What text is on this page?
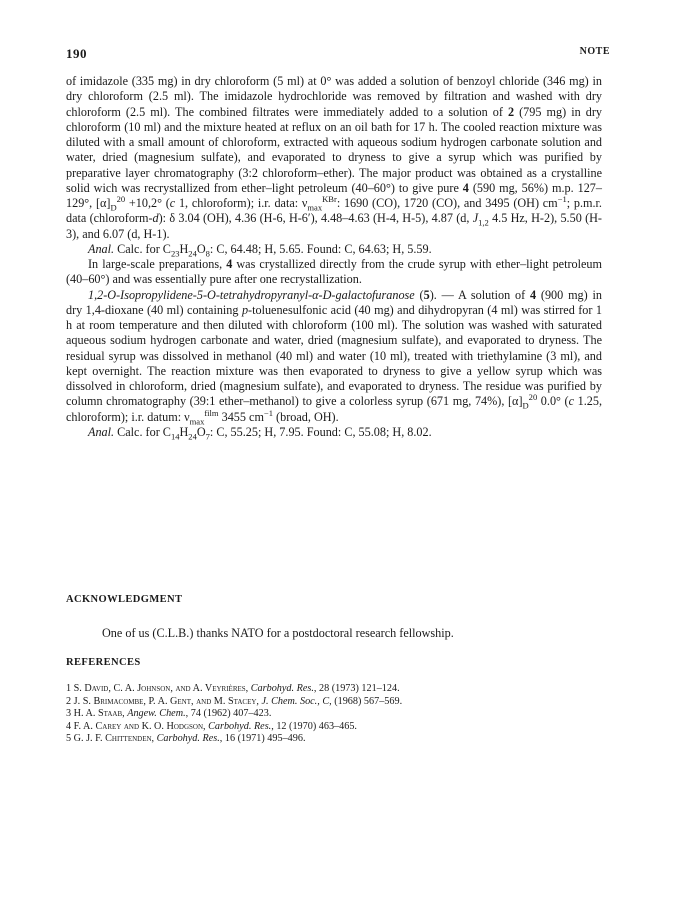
190	NOTE

of imidazole (335 mg) in dry chloroform (5 ml) at 0° was added a solution of benzoyl chloride (346 mg) in dry chloroform (2.5 ml). The imidazole hydrochloride was removed by filtration and washed with dry chloroform (2.5 ml). The combined filtrates were immediately added to a solution of 2 (795 mg) in dry chloroform (10 ml) and the mixture heated at reflux on an oil bath for 17 h. The cooled reaction mixture was diluted with a small amount of chloroform, extracted with aqueous sodium hydrogen carbonate solution and water, dried (magnesium sulfate), and evaporated to dryness to give a syrup which was purified by preparative layer chromatography (3:2 chloroform–ether). The major product was obtained as a crystalline solid wich was recrystallized from ether–light petroleum (40–60°) to give pure 4 (590 mg, 56%) m.p. 127–129°, $[\alpha]_D^{20} +10,2^\circ$ (c 1, chloroform); i.r. data: $\nu_{max}^{KBr}$: 1690 (CO), 1720 (CO), and 3495 (OH) $cm^{-1}$; p.m.r. data (chloroform-d): δ 3.04 (OH), 4.36 (H-6, H-6′), 4.48–4.63 (H-4, H-5), 4.87 (d, $J_{1,2}$ 4.5 Hz, H-2), 5.50 (H-3), and 6.07 (d, H-1).

Anal. Calc. for $C_{23}H_{24}O_8$: C, 64.48; H, 5.65. Found: C, 64.63; H, 5.59.

In large-scale preparations, 4 was crystallized directly from the crude syrup with ether–light petroleum (40–60°) and was essentially pure after one recrystallization.

1,2-O-Isopropylidene-5-O-tetrahydropyranyl-α-D-galactofuranose (5). — A solution of 4 (900 mg) in dry 1,4-dioxane (40 ml) containing p-toluenesulfonic acid (40 mg) and dihydropyran (4 ml) was stirred for 1 h at room temperature and then diluted with chloroform (100 ml). The solution was washed with saturated aqueous sodium hydrogen carbonate and water, dried (magnesium sulfate), and evaporated to dryness. The residual syrup was dissolved in methanol (40 ml) and water (10 ml), treated with triethylamine (3 ml), and kept overnight. The reaction mixture was then evaporated to dryness to give a yellow syrup which was dissolved in chloroform, dried (magnesium sulfate), and evaporated to dryness. The residue was purified by column chromatography (39:1 ether–methanol) to give a colorless syrup (671 mg, 74%), $[\alpha]_D^{20}$ 0.0° (c 1.25, chloroform); i.r. datum: $\nu_{max}^{film}$ 3455 $cm^{-1}$ (broad, OH).

Anal. Calc. for $C_{14}H_{24}O_7$: C, 55.25; H, 7.95. Found: C, 55.08; H, 8.02.

ACKNOWLEDGMENT
One of us (C.L.B.) thanks NATO for a postdoctoral research fellowship.
REFERENCES
1 S. David, C. A. Johnson, and A. Veyrières, Carbohyd. Res., 28 (1973) 121–124.
2 J. S. Brimacombe, P. A. Gent, and M. Stacey, J. Chem. Soc., C, (1968) 567–569.
3 H. A. Staab, Angew. Chem., 74 (1962) 407–423.
4 F. A. Carey and K. O. Hodgson, Carbohyd. Res., 12 (1970) 463–465.
5 G. J. F. Chittenden, Carbohyd. Res., 16 (1971) 495–496.
